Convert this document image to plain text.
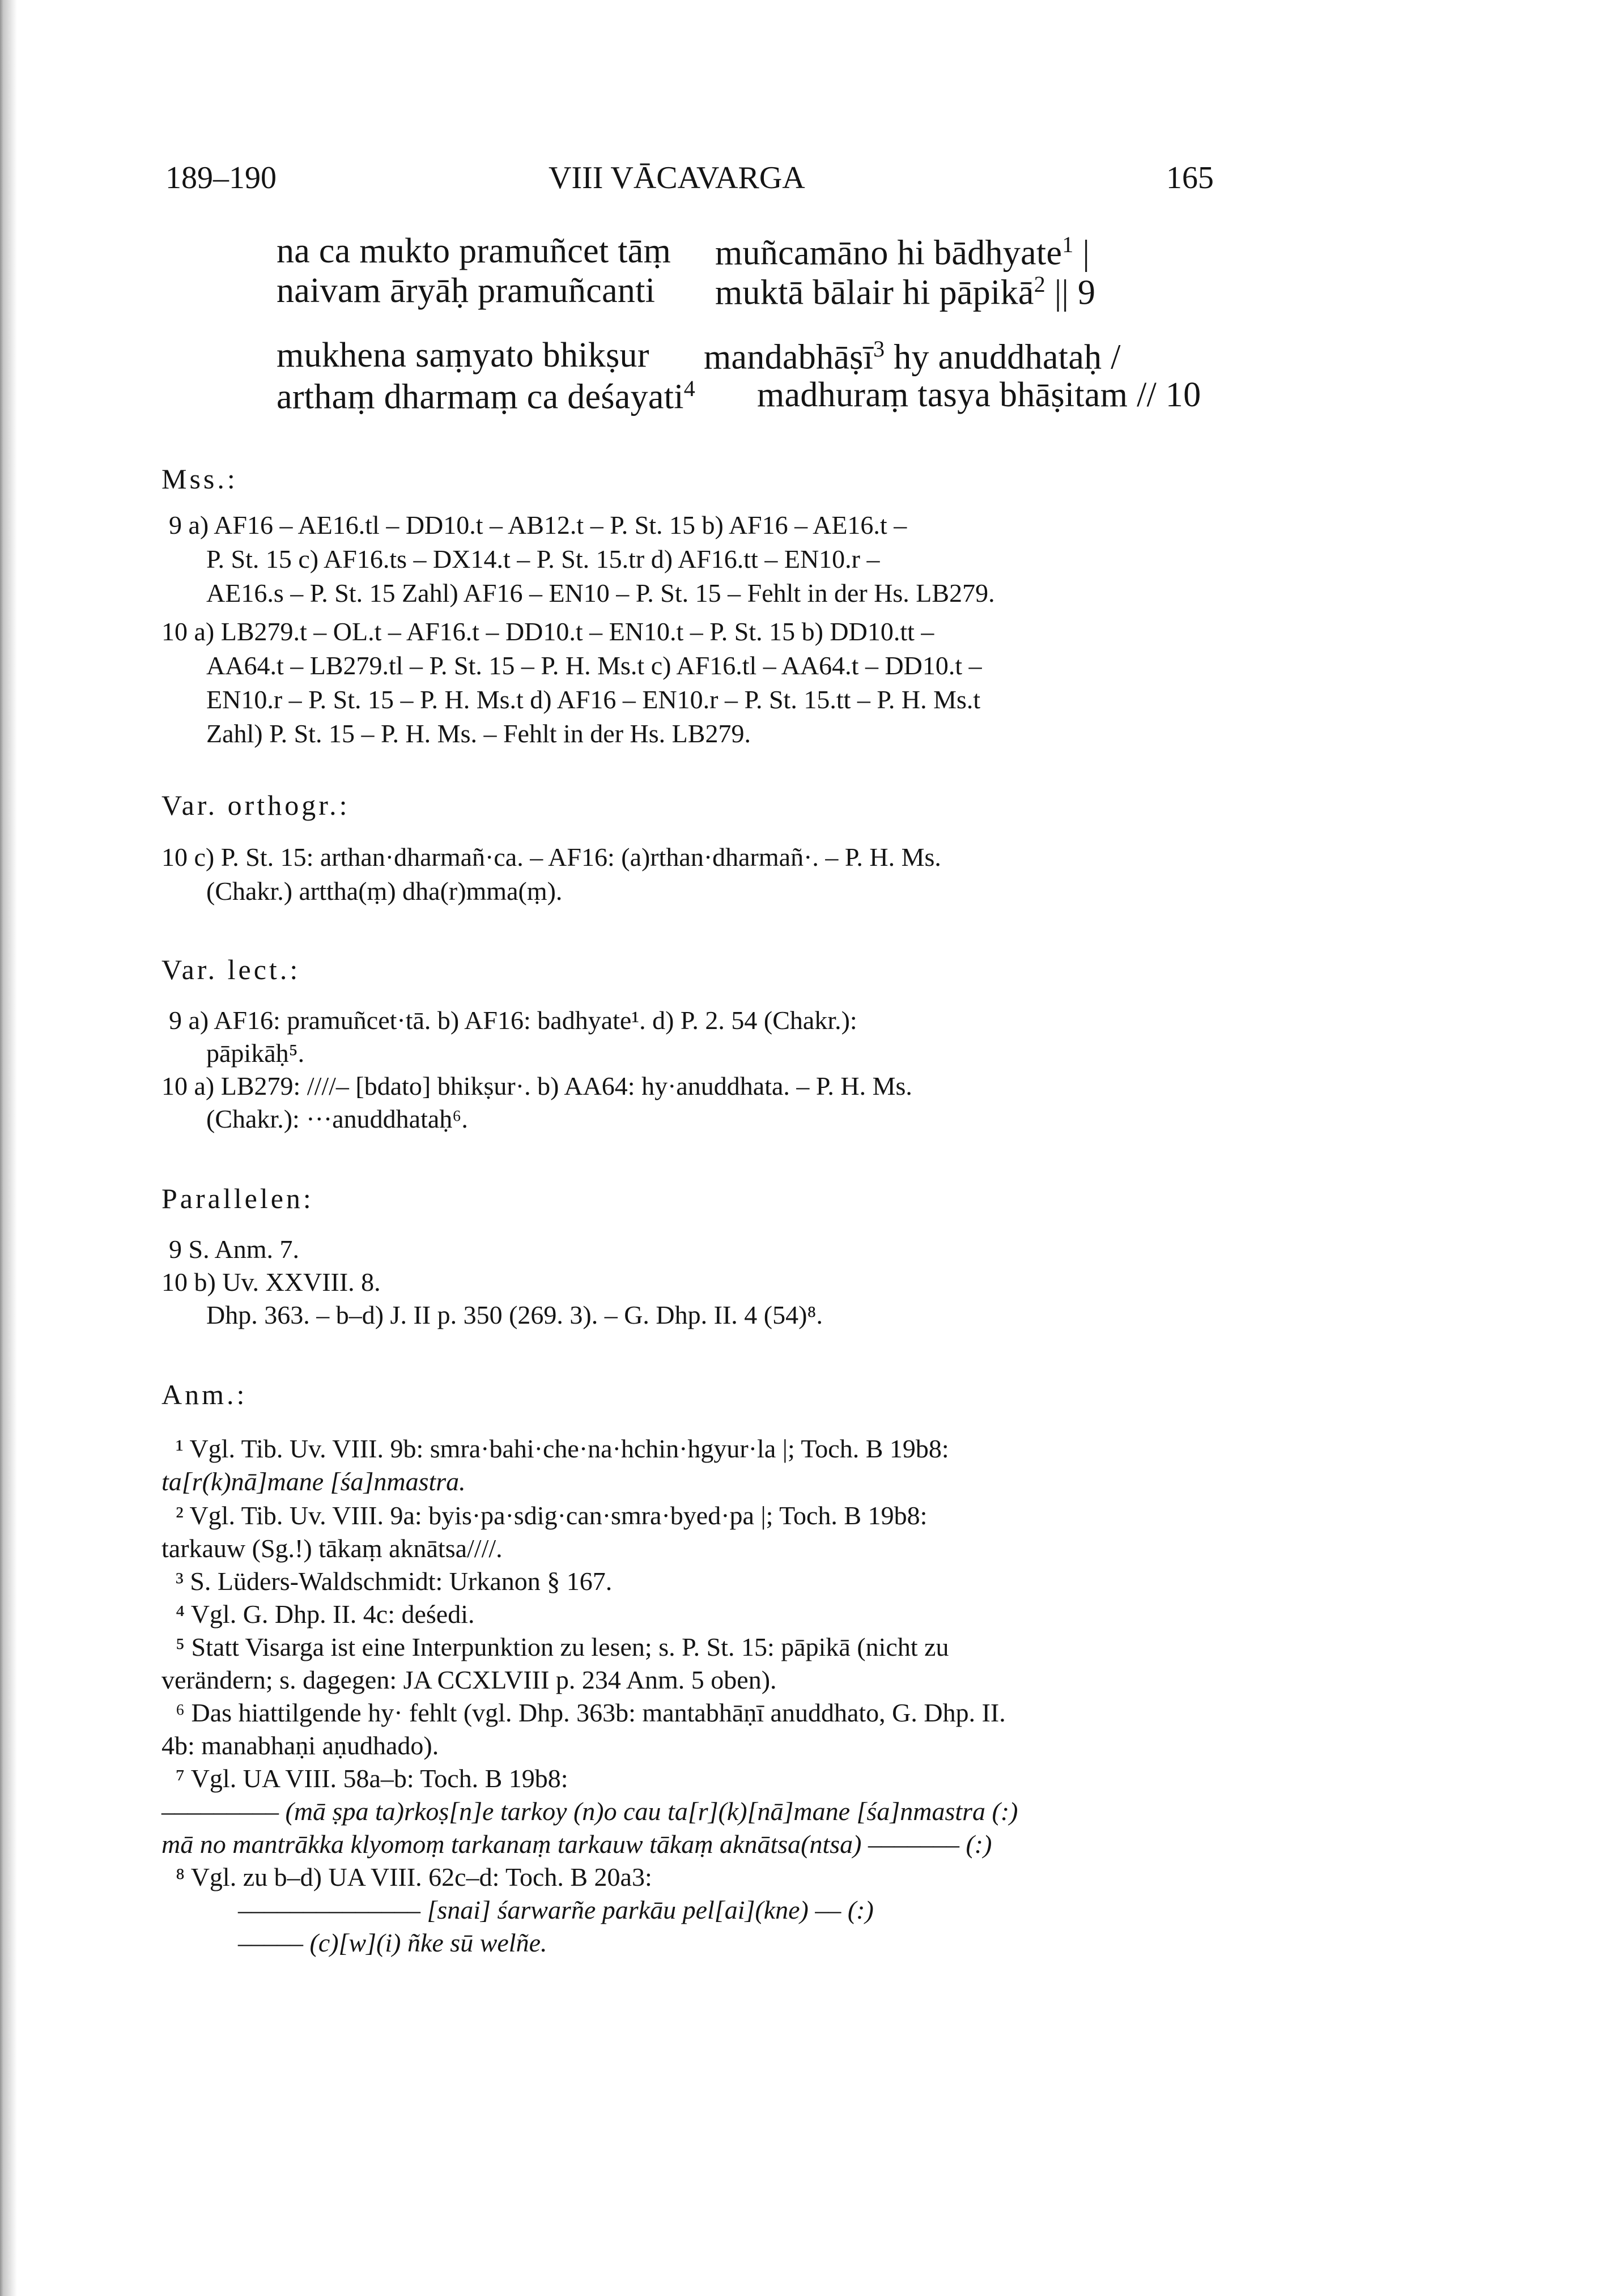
189–190	VIII VĀCAVARGA	165
na ca mukto pramuñcet tāṃ muñcamāno hi bādhyate$^1$ |
naivam āryāḥ pramuñcanti muktā bālair hi pāpikā$^2$ || 9
mukhena saṃyato bhikṣur mandabhāṣī$^3$ hy anuddhataḥ /
arthaṃ dharmaṃ ca deśayati$^4$ madhuraṃ tasya bhāṣitam // 10
Mss.:
9 a) AF16 – AE16.tl – DD10.t – AB12.t – P. St. 15 b) AF16 – AE16.t –
P. St. 15 c) AF16.ts – DX14.t – P. St. 15.tr d) AF16.tt – EN10.r –
AE16.s – P. St. 15 Zahl) AF16 – EN10 – P. St. 15 – Fehlt in der Hs. LB279.
10 a) LB279.t – OL.t – AF16.t – DD10.t – EN10.t – P. St. 15 b) DD10.tt –
AA64.t – LB279.tl – P. St. 15 – P. H. Ms.t c) AF16.tl – AA64.t – DD10.t –
EN10.r – P. St. 15 – P. H. Ms.t d) AF16 – EN10.r – P. St. 15.tt – P. H. Ms.t
Zahl) P. St. 15 – P. H. Ms. – Fehlt in der Hs. LB279.
Var. orthogr.:
10 c) P. St. 15: arthan·dharmañ·ca. – AF16: (a)rthan·dharmañ·. – P. H. Ms.
(Chakr.) arttha(ṃ) dha(r)mma(ṃ).
Var. lect.:
9 a) AF16: pramuñcet·tā. b) AF16: badhyate¹. d) P. 2. 54 (Chakr.):
pāpikāḥ⁵.
10 a) LB279: ////– [bdato] bhikṣur·. b) AA64: hy·anuddhata. – P. H. Ms.
(Chakr.): ···anuddhataḥ⁶.
Parallelen:
9 S. Anm. 7.
10 b) Uv. XXVIII. 8.
Dhp. 363. – b–d) J. II p. 350 (269. 3). – G. Dhp. II. 4 (54)⁸.
Anm.:
¹ Vgl. Tib. Uv. VIII. 9b: smra·bahi·che·na·hchin·hgyur·la |; Toch. B 19b8:
ta[r(k)nā]mane [śa]nmastra.
² Vgl. Tib. Uv. VIII. 9a: byis·pa·sdig·can·smra·byed·pa |; Toch. B 19b8:
tarkauw (Sg.!) tākaṃ aknātsa////.
³ S. Lüders-Waldschmidt: Urkanon § 167.
⁴ Vgl. G. Dhp. II. 4c: deśedi.
⁵ Statt Visarga ist eine Interpunktion zu lesen; s. P. St. 15: pāpikā (nicht zu
verändern; s. dagegen: JA CCXLVIII p. 234 Anm. 5 oben).
⁶ Das hiattilgende hy· fehlt (vgl. Dhp. 363b: mantabhāṇī anuddhato, G. Dhp. II.
4b: manabhaṇi aṇudhado).
⁷ Vgl. UA VIII. 58a–b: Toch. B 19b8:
––––––––– (mā ṣpa ta)rkoṣ[n]e tarkoy (n)o cau ta[r](k)[nā]mane [śa]nmastra (:)
mā no mantrākka klyomoṃ tarkanaṃ tarkauw tākaṃ aknātsa(ntsa) ––––––– (:)
⁸ Vgl. zu b–d) UA VIII. 62c–d: Toch. B 20a3:
–––––––––––––– [snai] śarwarñe parkāu pel[ai](kne) –– (:)
––––– (c)[w](i) ñke sū welñe.
